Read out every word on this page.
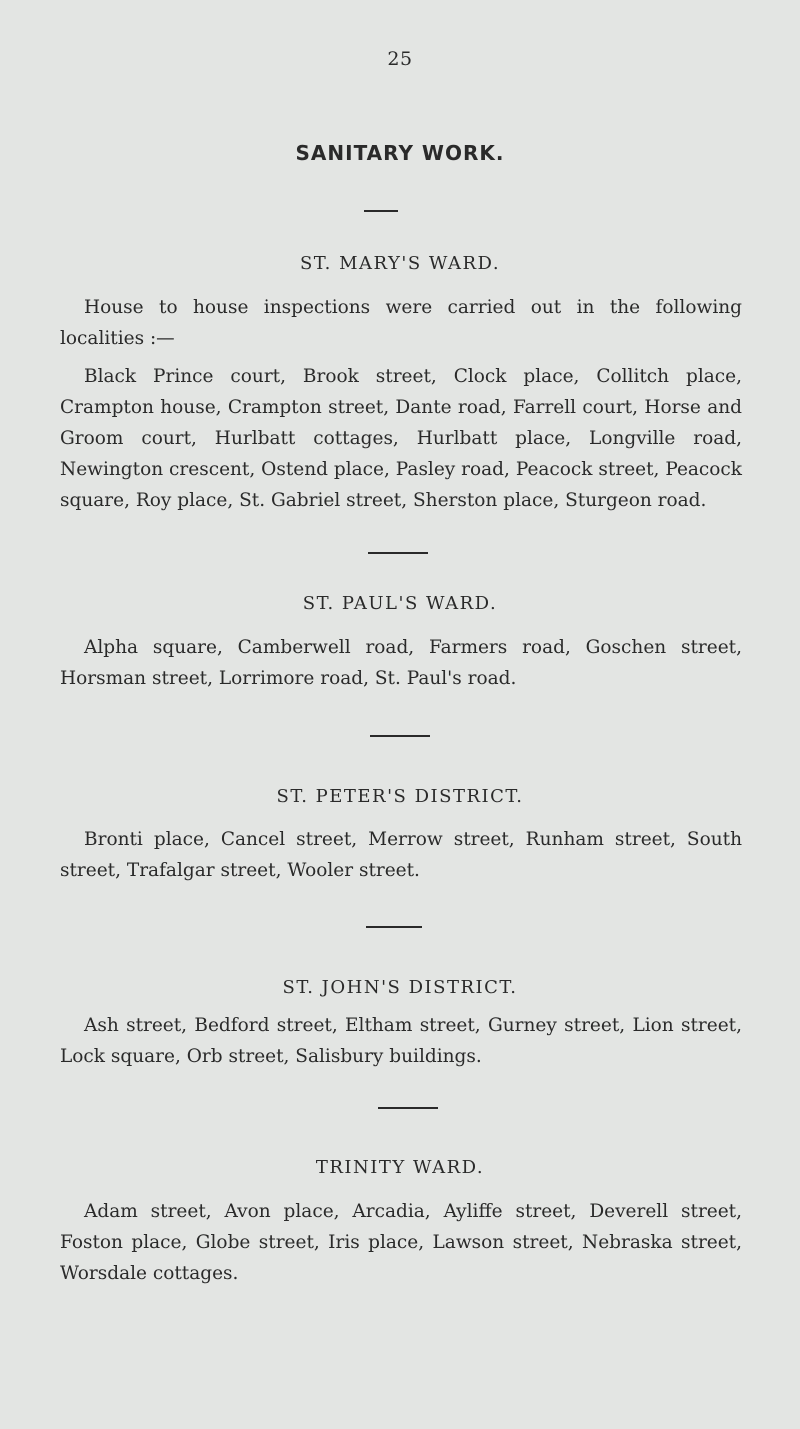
25
SANITARY WORK.
ST. MARY'S WARD.
House to house inspections were carried out in the following localities :—
Black Prince court, Brook street, Clock place, Collitch place, Crampton house, Crampton street, Dante road, Farrell court, Horse and Groom court, Hurlbatt cottages, Hurlbatt place, Longville road, Newington crescent, Ostend place, Pasley road, Peacock street, Peacock square, Roy place, St. Gabriel street, Sherston place, Sturgeon road.
ST. PAUL'S WARD.
Alpha square, Camberwell road, Farmers road, Goschen street, Horsman street, Lorrimore road, St. Paul's road.
ST. PETER'S DISTRICT.
Bronti place, Cancel street, Merrow street, Runham street, South street, Trafalgar street, Wooler street.
ST. JOHN'S DISTRICT.
Ash street, Bedford street, Eltham street, Gurney street, Lion street, Lock square, Orb street, Salisbury buildings.
TRINITY WARD.
Adam street, Avon place, Arcadia, Ayliffe street, Deverell street, Foston place, Globe street, Iris place, Lawson street, Nebraska street, Worsdale cottages.
